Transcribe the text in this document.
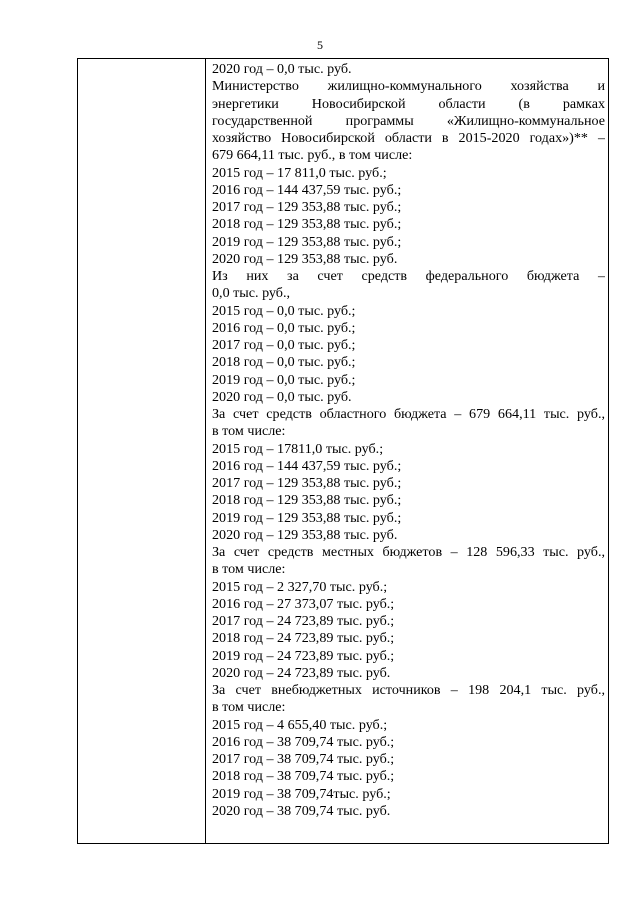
5
2020 год – 0,0 тыс. руб.
Министерство жилищно-коммунального хозяйства и
энергетики Новосибирской области (в рамках
государственной программы «Жилищно-коммунальное
хозяйство Новосибирской области в 2015-2020 годах»)** –
679 664,11 тыс. руб., в том числе:
2015 год – 17 811,0 тыс. руб.;
2016 год – 144 437,59 тыс. руб.;
2017 год – 129 353,88 тыс. руб.;
2018 год – 129 353,88 тыс. руб.;
2019 год – 129 353,88 тыс. руб.;
2020 год – 129 353,88 тыс. руб.
Из них за счет средств федерального бюджета –
0,0 тыс. руб.,
2015 год – 0,0 тыс. руб.;
2016 год – 0,0 тыс. руб.;
2017 год – 0,0 тыс. руб.;
2018 год – 0,0 тыс. руб.;
2019 год – 0,0 тыс. руб.;
2020 год – 0,0 тыс. руб.
За счет средств областного бюджета – 679 664,11 тыс. руб.,
в том числе:
2015 год – 17811,0 тыс. руб.;
2016 год – 144 437,59 тыс. руб.;
2017 год – 129 353,88 тыс. руб.;
2018 год – 129 353,88 тыс. руб.;
2019 год – 129 353,88 тыс. руб.;
2020 год – 129 353,88 тыс. руб.
За счет средств местных бюджетов – 128 596,33 тыс. руб.,
в том числе:
2015 год – 2 327,70 тыс. руб.;
2016 год – 27 373,07 тыс. руб.;
2017 год – 24 723,89 тыс. руб.;
2018 год – 24 723,89 тыс. руб.;
2019 год – 24 723,89 тыс. руб.;
2020 год – 24 723,89 тыс. руб.
За счет внебюджетных источников – 198 204,1 тыс. руб.,
в том числе:
2015 год – 4 655,40 тыс. руб.;
2016 год – 38 709,74 тыс. руб.;
2017 год – 38 709,74 тыс. руб.;
2018 год – 38 709,74 тыс. руб.;
2019 год – 38 709,74тыс. руб.;
2020 год – 38 709,74 тыс. руб.
